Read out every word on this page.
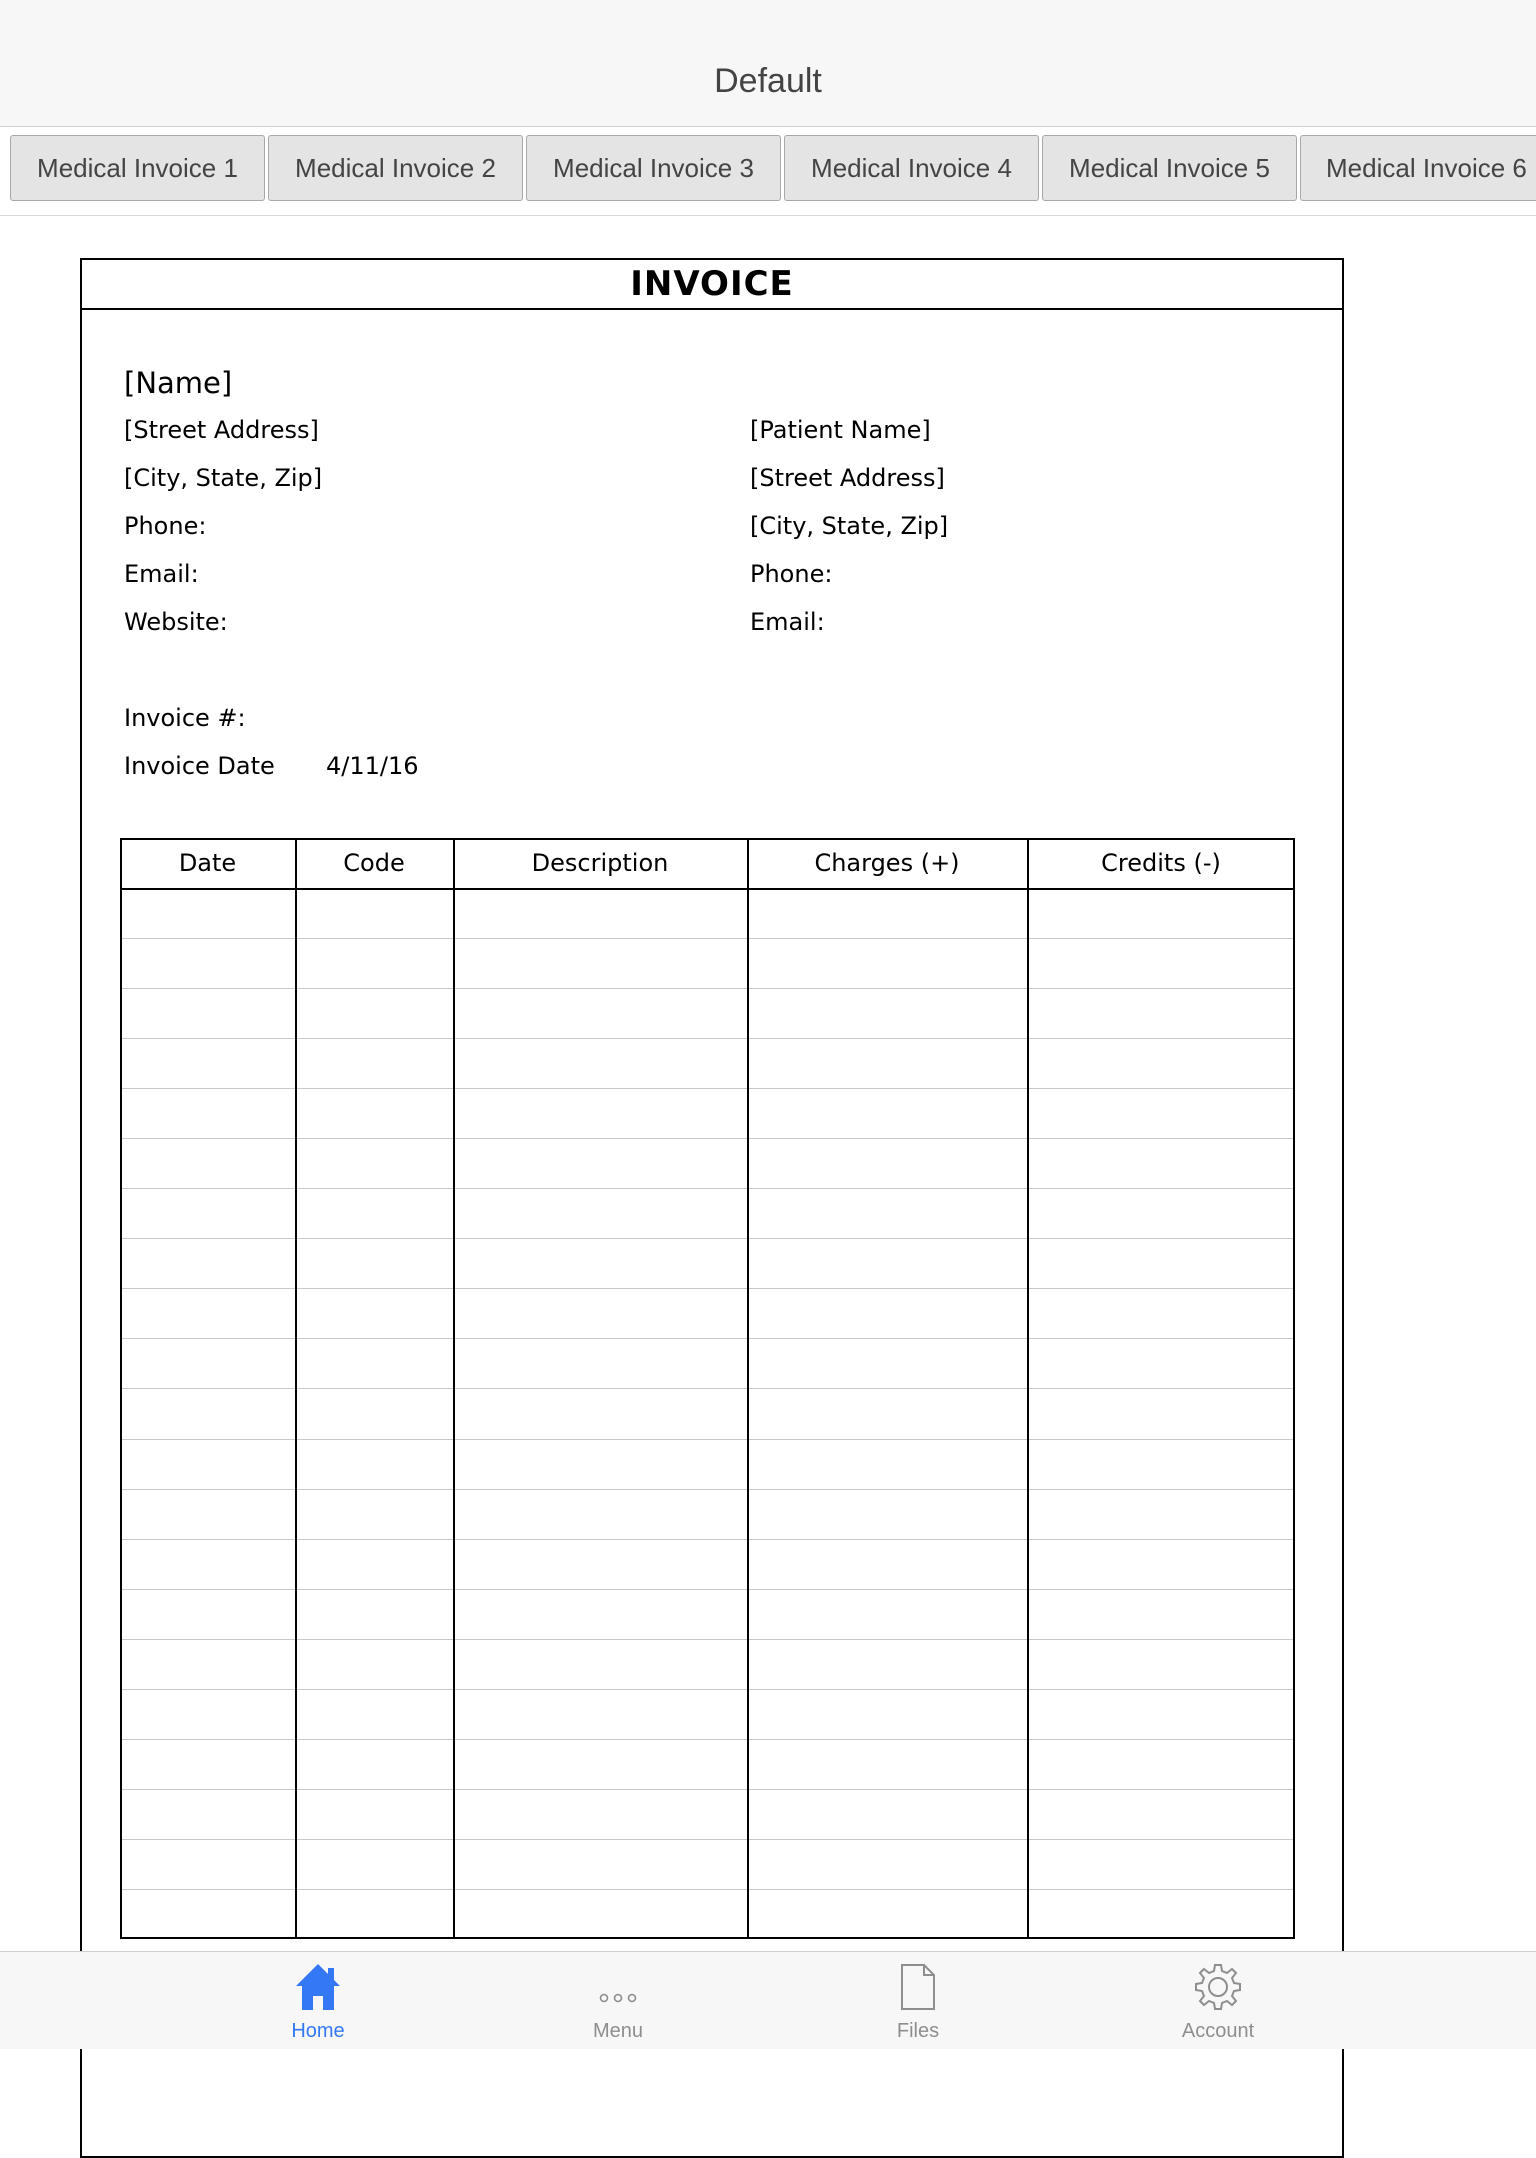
Default
Medical Invoice 1	Medical Invoice 2	Medical Invoice 3	Medical Invoice 4	Medical Invoice 5	Medical Invoice 6
INVOICE
[Name]
[Street Address]
[City, State, Zip]
Phone:
Email:
Website:
[Patient Name]
[Street Address]
[City, State, Zip]
Phone:
Email:
Invoice #:
Invoice Date 4/11/16
Date	Code	Description	Charges (+)	Credits (-)
Home	Menu	Files	Account
